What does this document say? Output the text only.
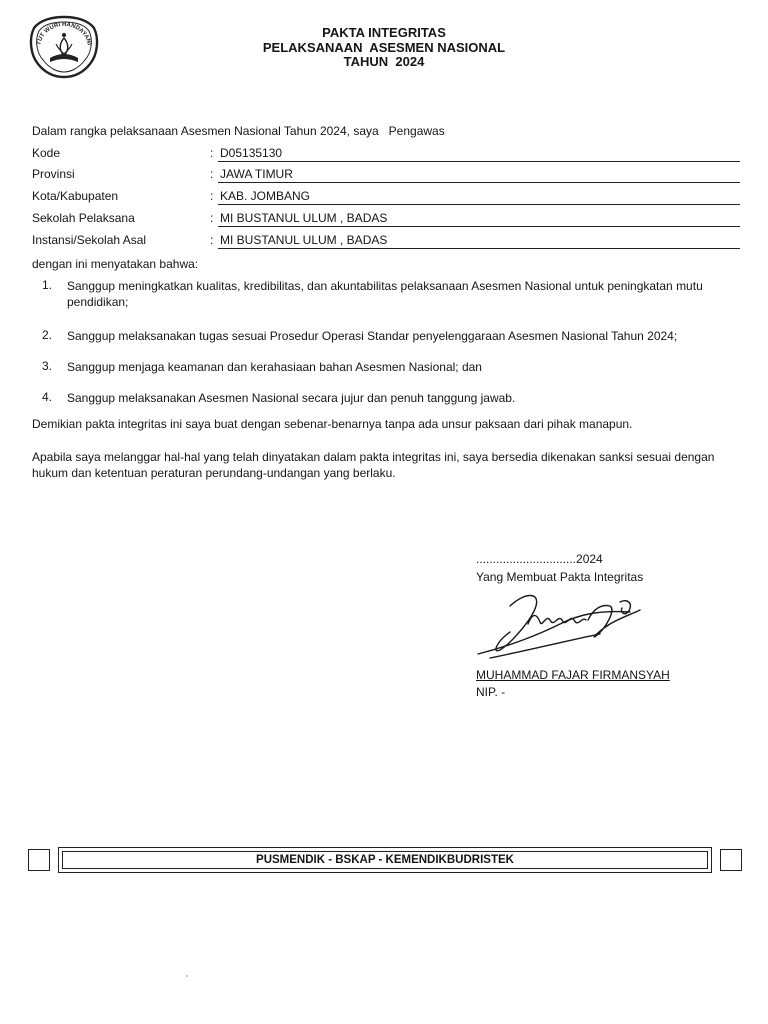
TUT WURI HANDAYANI
PAKTA INTEGRITAS
PELAKSANAAN  ASESMEN NASIONAL
TAHUN  2024
Dalam rangka pelaksanaan Asesmen Nasional Tahun 2024, saya   Pengawas
Kode	: D05135130
Provinsi	: JAWA TIMUR
Kota/Kabupaten	: KAB. JOMBANG
Sekolah Pelaksana	: MI BUSTANUL ULUM , BADAS
Instansi/Sekolah Asal	: MI BUSTANUL ULUM , BADAS
dengan ini menyatakan bahwa:
1. Sanggup meningkatkan kualitas, kredibilitas, dan akuntabilitas pelaksanaan Asesmen Nasional untuk peningkatan mutu pendidikan;
2. Sanggup melaksanakan tugas sesuai Prosedur Operasi Standar penyelenggaraan Asesmen Nasional Tahun 2024;
3. Sanggup menjaga keamanan dan kerahasiaan bahan Asesmen Nasional; dan
4. Sanggup melaksanakan Asesmen Nasional secara jujur dan penuh tanggung jawab.
Demikian pakta integritas ini saya buat dengan sebenar-benarnya tanpa ada unsur paksaan dari pihak manapun.
Apabila saya melanggar hal-hal yang telah dinyatakan dalam pakta integritas ini, saya bersedia dikenakan sanksi sesuai dengan hukum dan ketentuan peraturan perundang-undangan yang berlaku.
..............................2024
Yang Membuat Pakta Integritas
MUHAMMAD FAJAR FIRMANSYAH
NIP. -
PUSMENDIK - BSKAP - KEMENDIKBUDRISTEK
